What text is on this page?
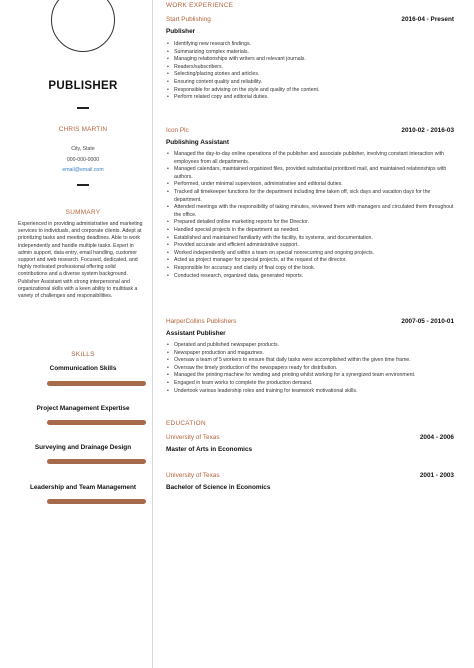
PUBLISHER
CHRIS MARTIN
City, State
000-000-0000
email@email.com
SUMMARY
Experienced in providing administrative and marketing services to individuals, and corporate clients. Adept at prioritizing tasks and meeting deadlines. Able to work independently and handle multiple tasks. Expert in admin support, data entry, email handling, customer support and web research. Focused, dedicated, and highly motivated professional offering solid contributions and a diverse system background. Publisher Assistant with strong interpersonal and organizational skills with a keen ability to multitask a variety of challenges and responsibilities.
SKILLS
Communication Skills
Project Management Expertise
Surveying and Drainage Design
Leadership and Team Management
WORK EXPERIENCE
Start Publishing	2016-04 - Present
Publisher
• Identifying new research findings.
• Summarizing complex materials.
• Managing relationships with writers and relevant journals.
• Readers/subscribers.
• Selecting/placing stories and articles.
• Ensuring content quality and reliability.
• Responsible for advising on the style and quality of the content.
• Perform related copy and editorial duties.
Icon Plc	2010-02 - 2016-03
Publishing Assistant
• Managed the day-to-day online operations of the publisher and associate publisher, involving constant interaction with employees from all departments.
• Managed calendars, maintained organized files, provided substantial prioritized mail, and maintained relationships with authors.
• Performed, under minimal supervision, administrative and editorial duties.
• Tracked all timekeeper functions for the department including time taken off, sick days and vacation days for the department.
• Attended meetings with the responsibility of taking minutes, reviewed them with managers and circulated them throughout the office.
• Prepared detailed online marketing reports for the Director.
• Handled special projects in the department as needed.
• Established and maintained familiarity with the facility, its systems, and documentation.
• Provided accurate and efficient administrative support.
• Worked independently and within a team on special nonrecurring and ongoing projects.
• Acted as project manager for special projects, at the request of the director.
• Responsible for accuracy and clarity of final copy of the book.
• Conducted research, organized data, generated reports.
HarperCollins Publishers	2007-05 - 2010-01
Assistant Publisher
• Operated and published newspaper products.
• Newspaper production and magazines.
• Oversaw a team of 5 workers to ensure that daily tasks were accomplished within the given time frame.
• Oversaw the timely production of the newspapers ready for distribution.
• Managed the printing machine for winding and printing whilst working for a synergized team environment.
• Engaged in team works to complete the production demand.
• Undertook various leadership roles and training for teamwork motivational skills.
EDUCATION
University of Texas	2004 - 2006
Master of Arts in Economics
University of Texas	2001 - 2003
Bachelor of Science in Economics
